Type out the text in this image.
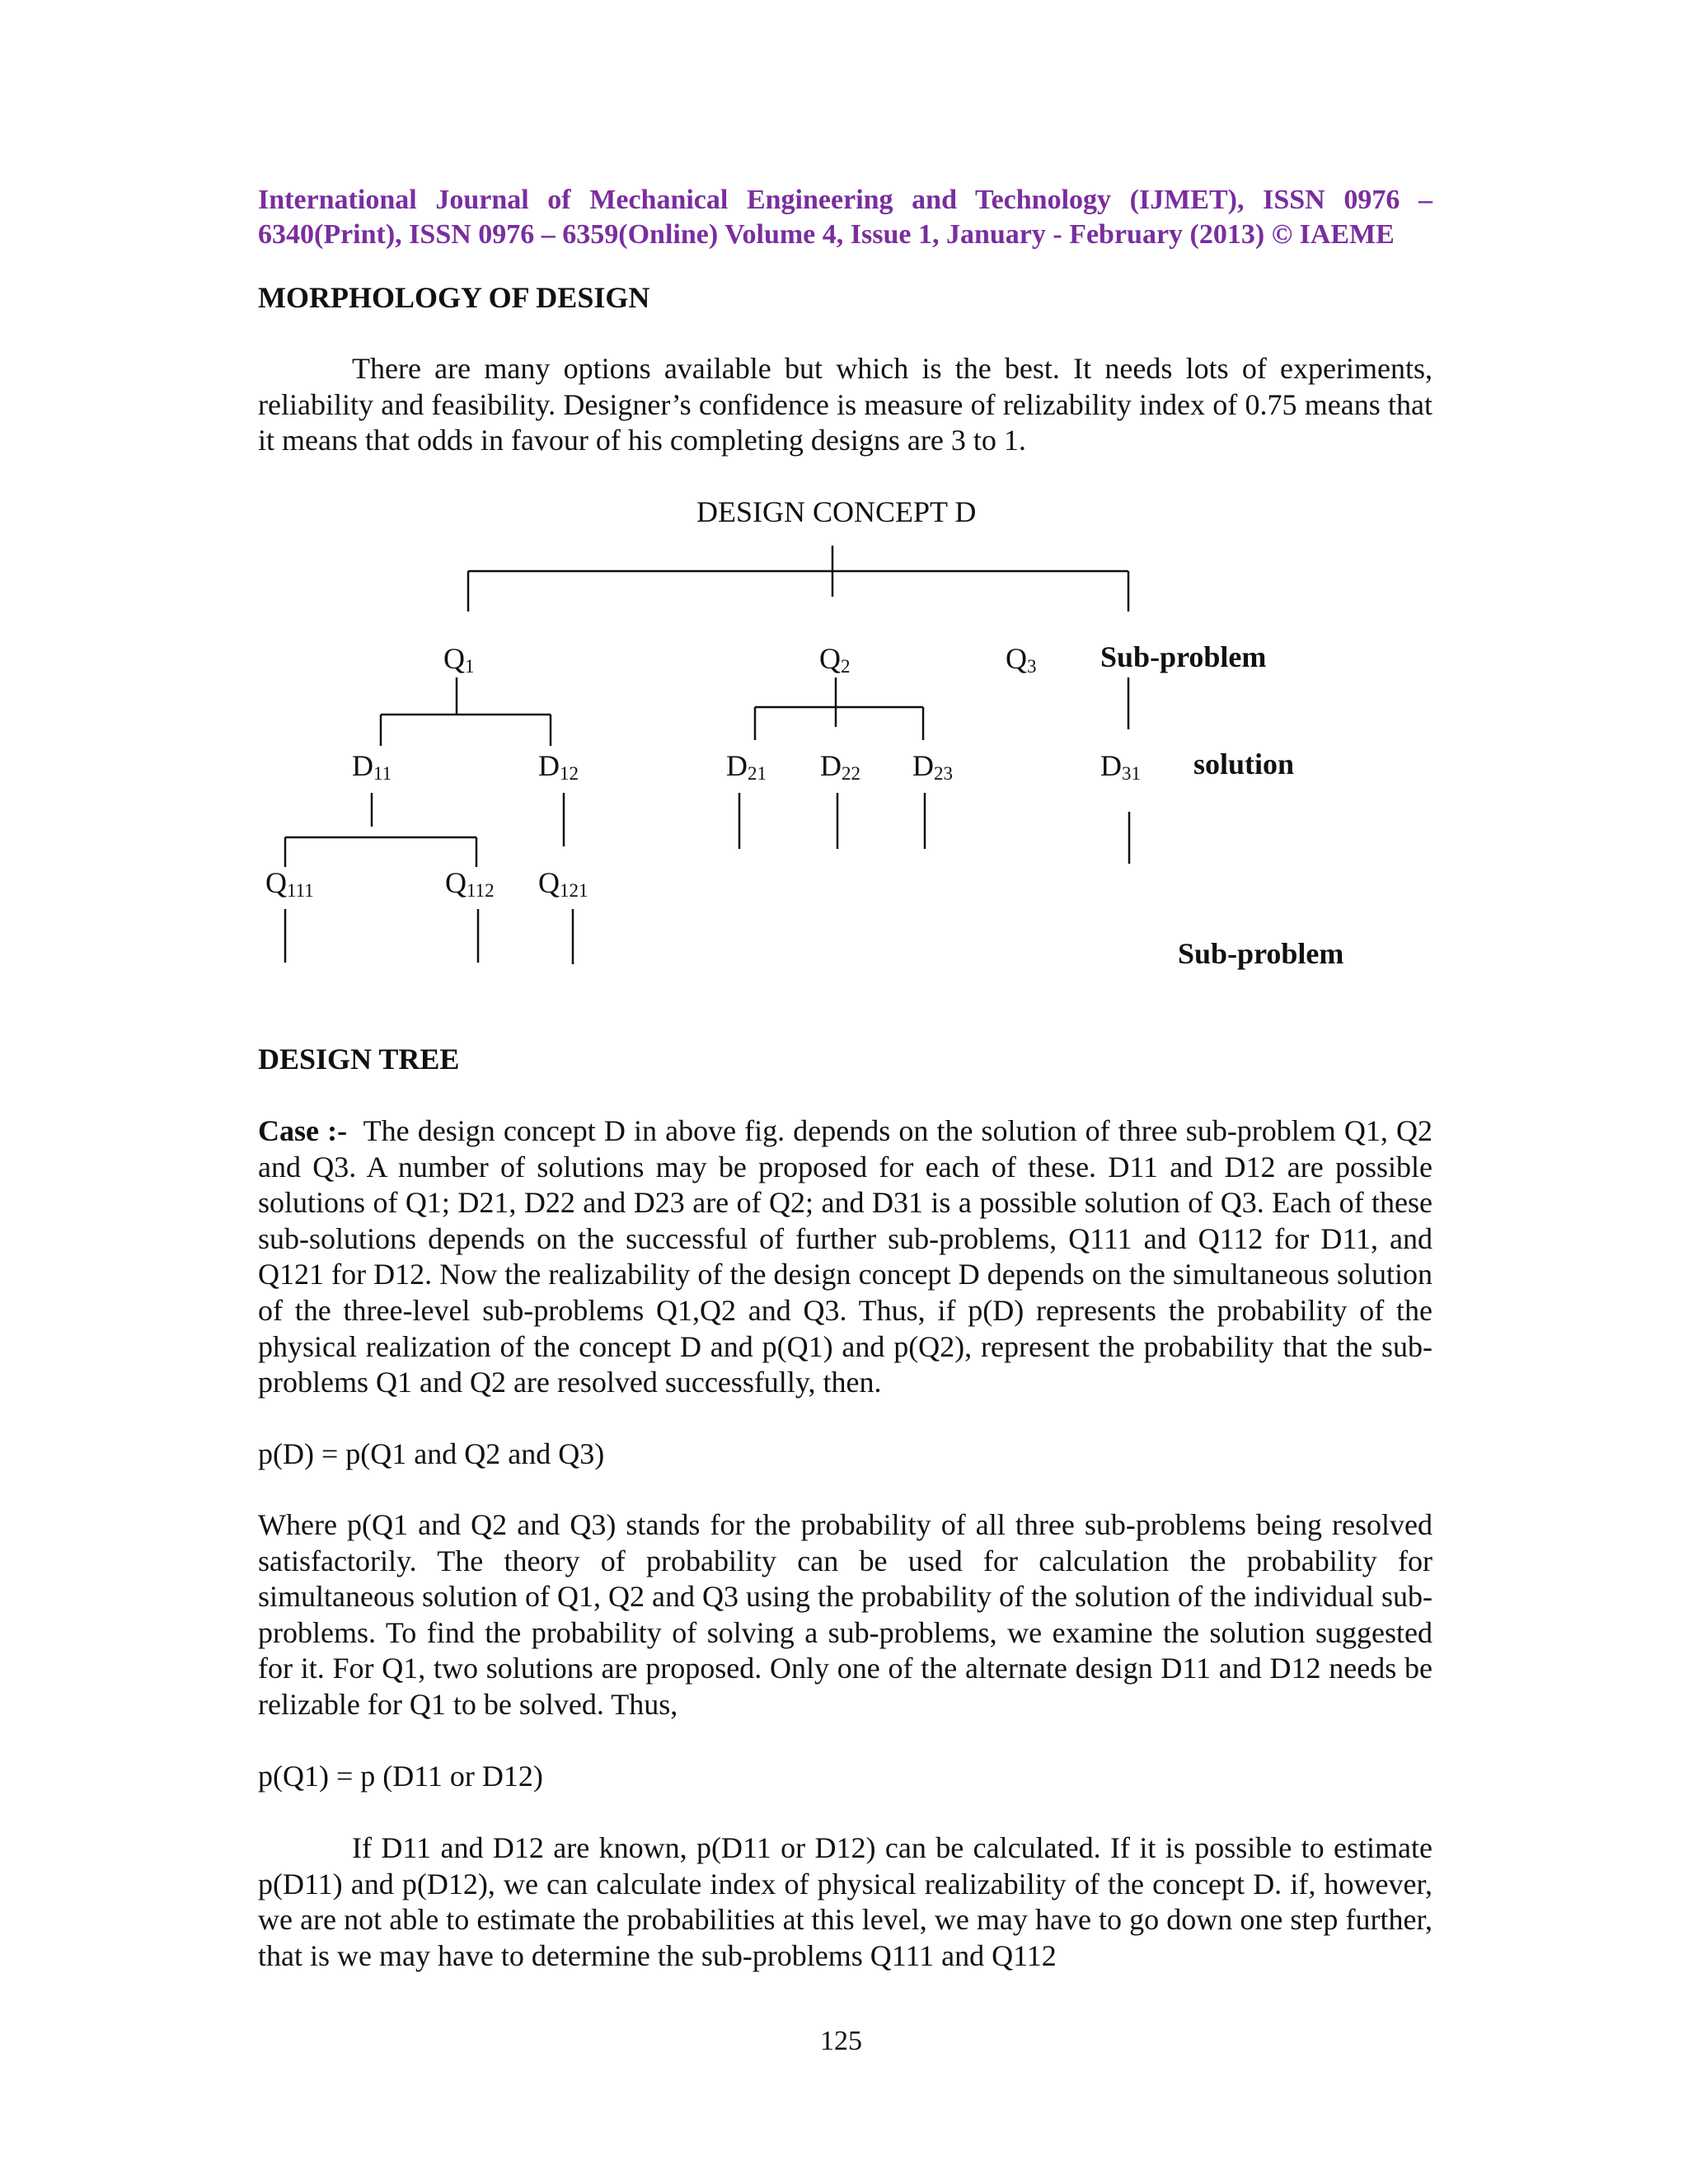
International Journal of Mechanical Engineering and Technology (IJMET), ISSN 0976 – 6340(Print), ISSN 0976 – 6359(Online) Volume 4, Issue 1, January - February (2013) © IAEME
MORPHOLOGY OF DESIGN
There are many options available but which is the best. It needs lots of experiments, reliability and feasibility. Designer’s confidence is measure of relizability index of 0.75 means that it means that odds in favour of his completing designs are 3 to 1.
DESIGN CONCEPT D
$Q_1$	$Q_2$	$Q_3$ Sub-problem
$D_{11}$	$D_{12}$	$D_{21}$ $D_{22}$ $D_{23}$	$D_{31}$ solution
$Q_{111}$	$Q_{112}$ $Q_{121}$
Sub-problem
DESIGN TREE
Case :- The design concept D in above fig. depends on the solution of three sub-problem Q1, Q2 and Q3. A number of solutions may be proposed for each of these. D11 and D12 are possible solutions of Q1; D21, D22 and D23 are of Q2; and D31 is a possible solution of Q3. Each of these sub-solutions depends on the successful of further sub-problems, Q111 and Q112 for D11, and Q121 for D12. Now the realizability of the design concept D depends on the simultaneous solution of the three-level sub-problems Q1,Q2 and Q3. Thus, if p(D) represents the probability of the physical realization of the concept D and p(Q1) and p(Q2), represent the probability that the sub-problems Q1 and Q2 are resolved successfully, then.
p(D) = p(Q1 and Q2 and Q3)
Where p(Q1 and Q2 and Q3) stands for the probability of all three sub-problems being resolved satisfactorily. The theory of probability can be used for calculation the probability for simultaneous solution of Q1, Q2 and Q3 using the probability of the solution of the individual sub-problems. To find the probability of solving a sub-problems, we examine the solution suggested for it. For Q1, two solutions are proposed. Only one of the alternate design D11 and D12 needs be relizable for Q1 to be solved. Thus,
p(Q1) = p (D11 or D12)
If D11 and D12 are known, p(D11 or D12) can be calculated. If it is possible to estimate p(D11) and p(D12), we can calculate index of physical realizability of the concept D. if, however, we are not able to estimate the probabilities at this level, we may have to go down one step further, that is we may have to determine the sub-problems Q111 and Q112
125
